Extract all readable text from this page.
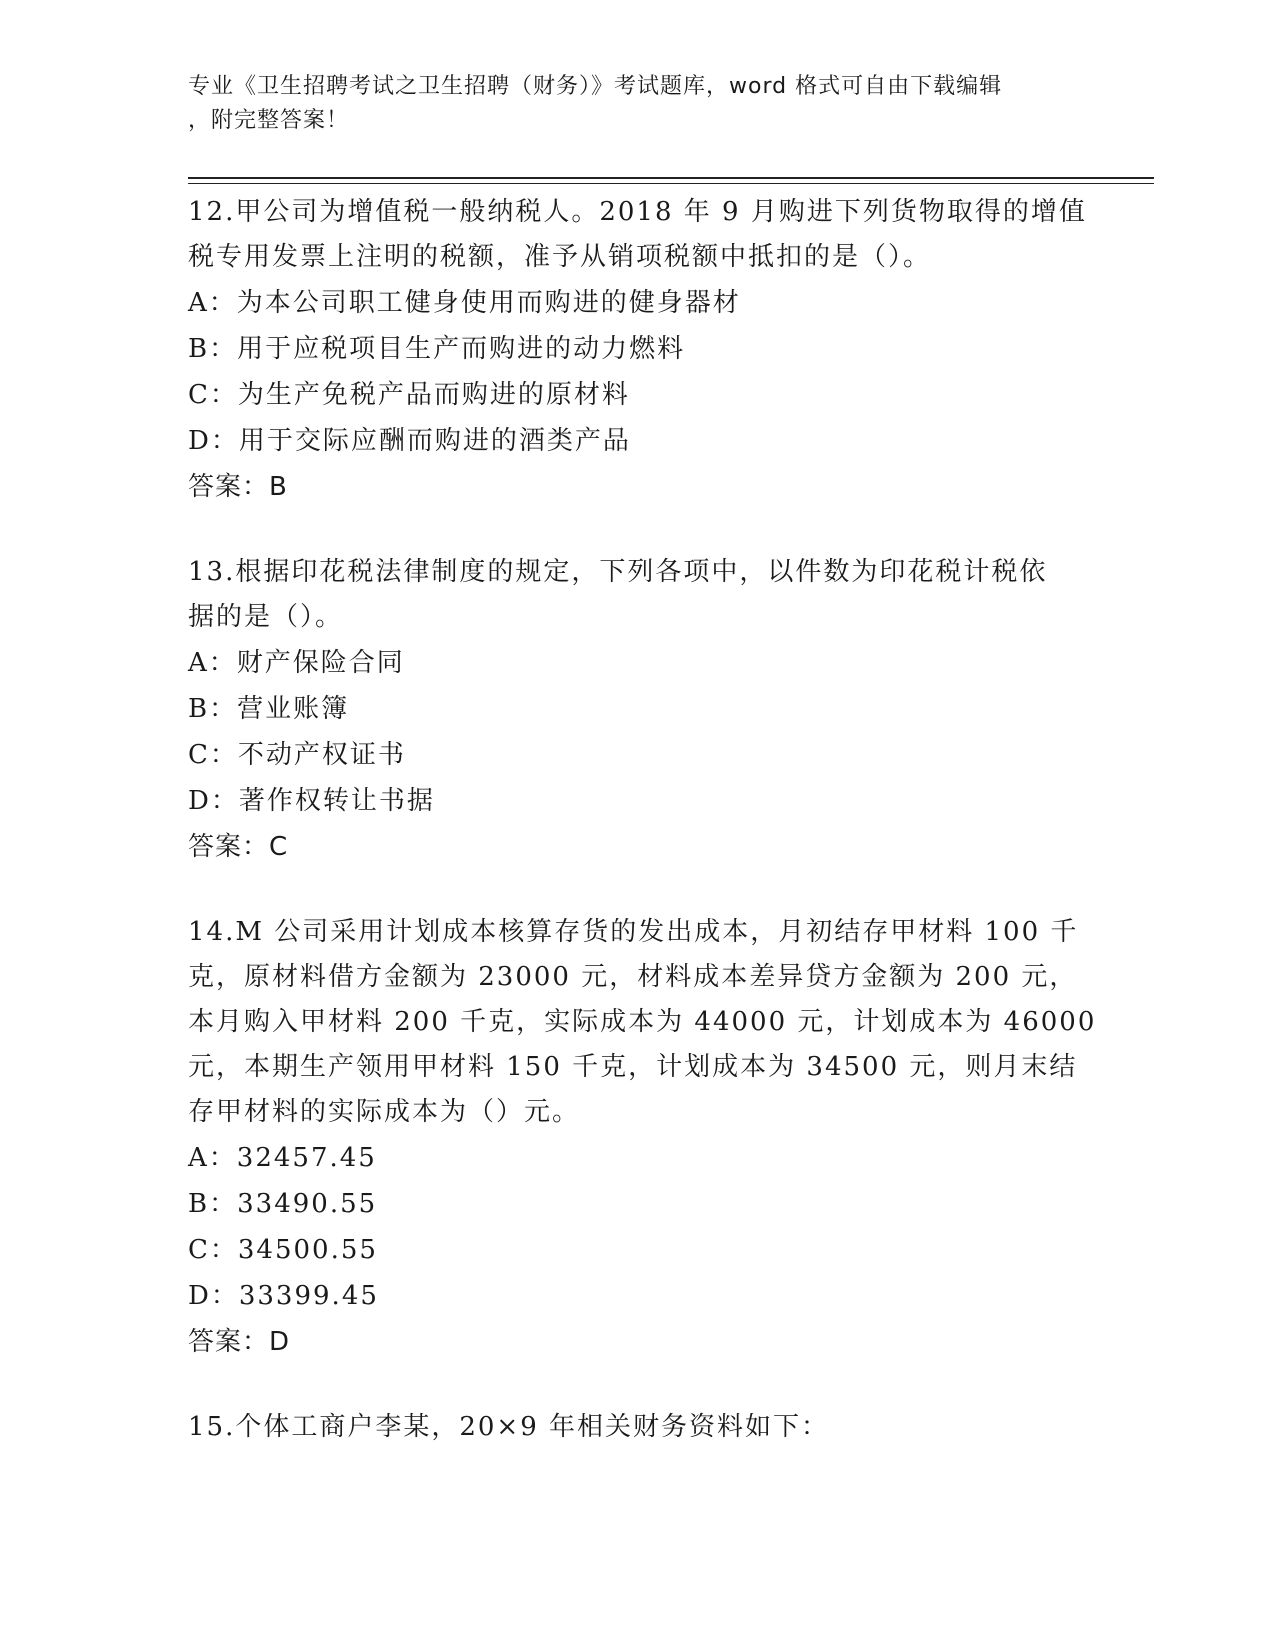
专业《卫生招聘考试之卫生招聘（财务）》考试题库，word 格式可自由下载编辑
，附完整答案！
12.甲公司为增值税一般纳税人。2018 年 9 月购进下列货物取得的增值
税专用发票上注明的税额，准予从销项税额中抵扣的是（）。
A：为本公司职工健身使用而购进的健身器材
B：用于应税项目生产而购进的动力燃料
C：为生产免税产品而购进的原材料
D：用于交际应酬而购进的酒类产品
答案：B
13.根据印花税法律制度的规定，下列各项中，以件数为印花税计税依
据的是（）。
A：财产保险合同
B：营业账簿
C：不动产权证书
D：著作权转让书据
答案：C
14.M 公司采用计划成本核算存货的发出成本，月初结存甲材料 100 千
克，原材料借方金额为 23000 元，材料成本差异贷方金额为 200 元，
本月购入甲材料 200 千克，实际成本为 44000 元，计划成本为 46000
元，本期生产领用甲材料 150 千克，计划成本为 34500 元，则月末结
存甲材料的实际成本为（）元。
A：32457.45
B：33490.55
C：34500.55
D：33399.45
答案：D
15.个体工商户李某，20×9 年相关财务资料如下：
